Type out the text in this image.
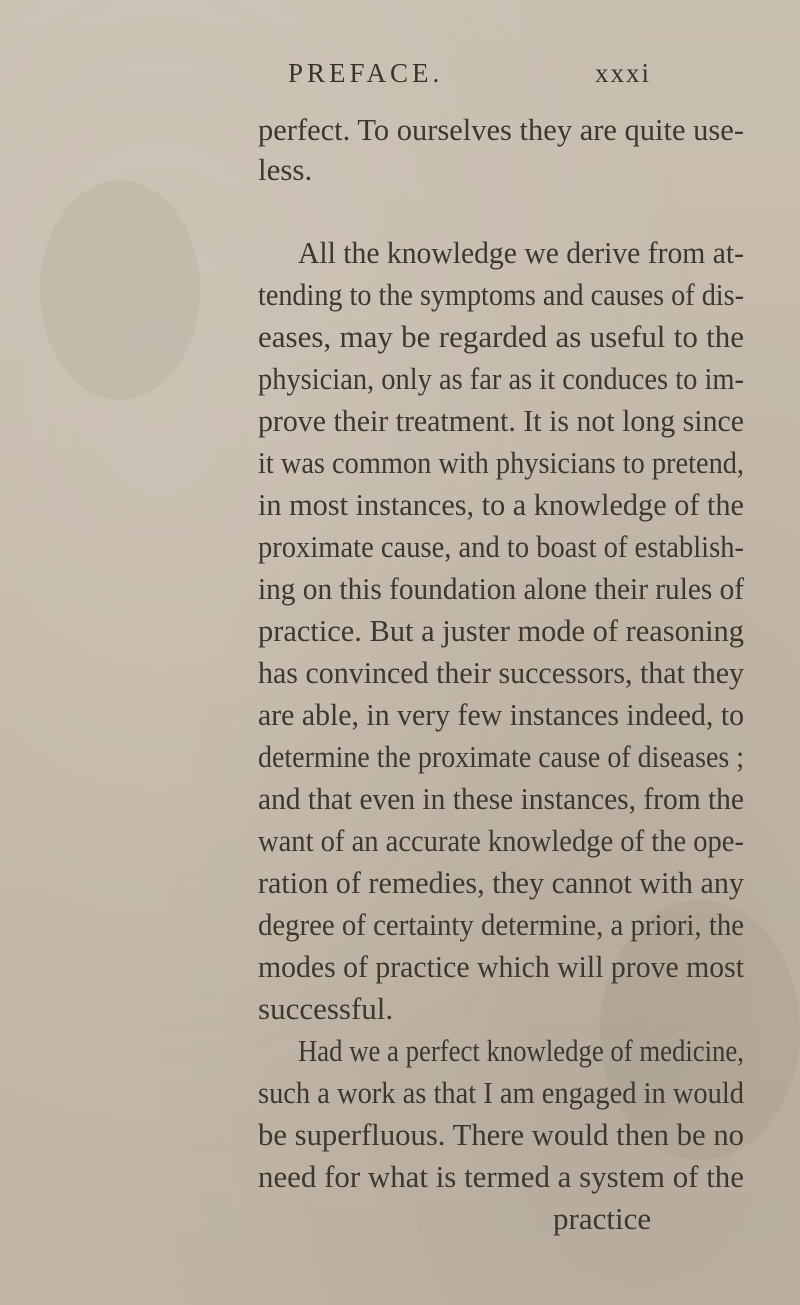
PREFACE.	xxxi
perfect. To ourselves they are quite use-
less.
All the knowledge we derive from at-
tending to the symptoms and causes of dis-
eases, may be regarded as useful to the
physician, only as far as it conduces to im-
prove their treatment. It is not long since
it was common with physicians to pretend,
in most instances, to a knowledge of the
proximate cause, and to boast of establish-
ing on this foundation alone their rules of
practice. But a juster mode of reasoning
has convinced their successors, that they
are able, in very few instances indeed, to
determine the proximate cause of diseases ;
and that even in these instances, from the
want of an accurate knowledge of the ope-
ration of remedies, they cannot with any
degree of certainty determine, a priori, the
modes of practice which will prove most
successful.
Had we a perfect knowledge of medicine,
such a work as that I am engaged in would
be superfluous. There would then be no
need for what is termed a system of the
practice
